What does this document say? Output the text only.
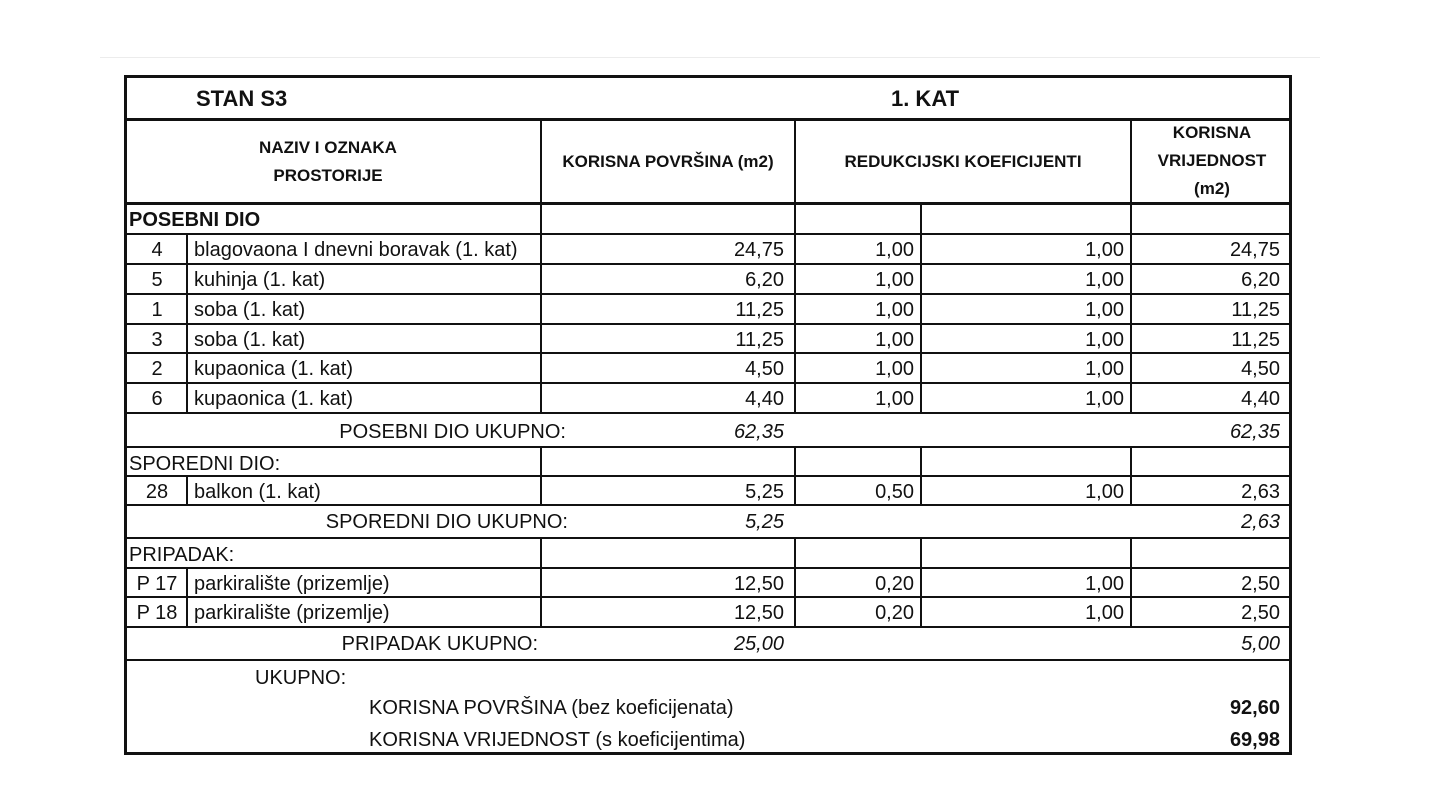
STAN S3	1. KAT
NAZIV I OZNAKA
PROSTORIJE
KORISNA POVRŠINA (m2)	REDUKCIJSKI KOEFICIJENTI
KORISNA
VRIJEDNOST
(m2)
POSEBNI DIO
4	blagovaona I dnevni boravak (1. kat)	24,75	1,00	1,00	24,75
5	kuhinja (1. kat)	6,20	1,00	1,00	6,20
1	soba (1. kat)	11,25	1,00	1,00	11,25
3	soba (1. kat)	11,25	1,00	1,00	11,25
2	kupaonica (1. kat)	4,50	1,00	1,00	4,50
6	kupaonica (1. kat)	4,40	1,00	1,00	4,40
POSEBNI DIO UKUPNO:	62,35	62,35
SPOREDNI DIO:
28	balkon (1. kat)	5,25	0,50	1,00	2,63
SPOREDNI DIO UKUPNO:	5,25	2,63
PRIPADAK:
P 17 parkiralište (prizemlje)	12,50	0,20	1,00	2,50
P 18 parkiralište (prizemlje)	12,50	0,20	1,00	2,50
PRIPADAK UKUPNO:	25,00	5,00
UKUPNO:
KORISNA POVRŠINA (bez koeficijenata)	92,60
KORISNA VRIJEDNOST (s koeficijentima)	69,98
